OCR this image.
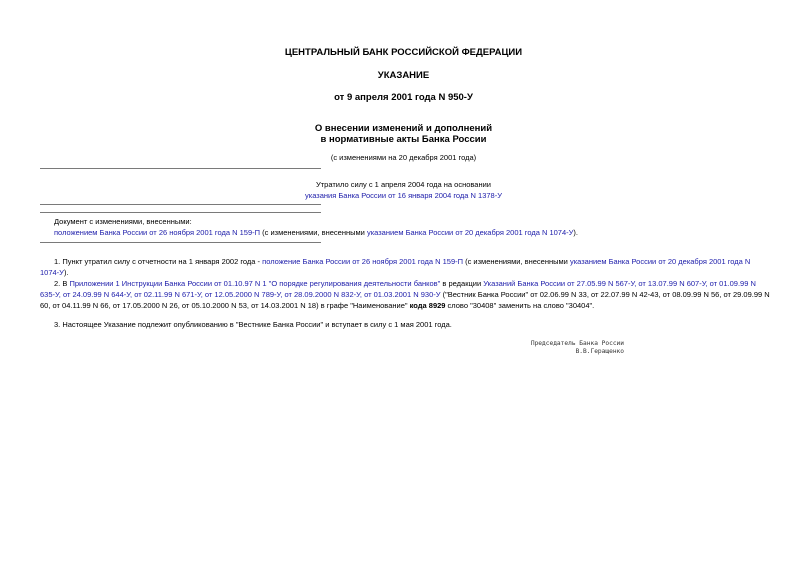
ЦЕНТРАЛЬНЫЙ БАНК РОССИЙСКОЙ ФЕДЕРАЦИИ
УКАЗАНИЕ
от 9 апреля 2001 года N 950-У
О внесении изменений и дополнений
в нормативные акты Банка России
(с изменениями на 20 декабря 2001 года)
Утратило силу с 1 апреля 2004 года на основании
указания Банка России от 16 января 2004 года N 1378-У
Документ с изменениями, внесенными:
положением Банка России от 26 ноября 2001 года N 159-П (с изменениями, внесенными указанием Банка России от 20 декабря 2001 года N 1074-У).
1. Пункт утратил силу с отчетности на 1 января 2002 года - положение Банка России от 26 ноября 2001 года N 159-П (с изменениями, внесенными указанием Банка России от 20 декабря 2001 года N 1074-У).
2. В Приложении 1 Инструкции Банка России от 01.10.97 N 1 "О порядке регулирования деятельности банков" в редакции Указаний Банка России от 27.05.99 N 567-У, от 13.07.99 N 607-У, от 01.09.99 N 635-У, от 24.09.99 N 644-У, от 02.11.99 N 671-У, от 12.05.2000 N 789-У, от 28.09.2000 N 832-У, от 01.03.2001 N 930-У ("Вестник Банка России" от 02.06.99 N 33, от 22.07.99 N 42-43, от 08.09.99 N 56, от 29.09.99 N 60, от 04.11.99 N 66, от 17.05.2000 N 26, от 05.10.2000 N 53, от 14.03.2001 N 18) в графе "Наименование" кода 8929 слово "30408" заменить на слово "30404".
3. Настоящее Указание подлежит опубликованию в "Вестнике Банка России" и вступает в силу с 1 мая 2001 года.
Председатель Банка России
В.В.Геращенко
